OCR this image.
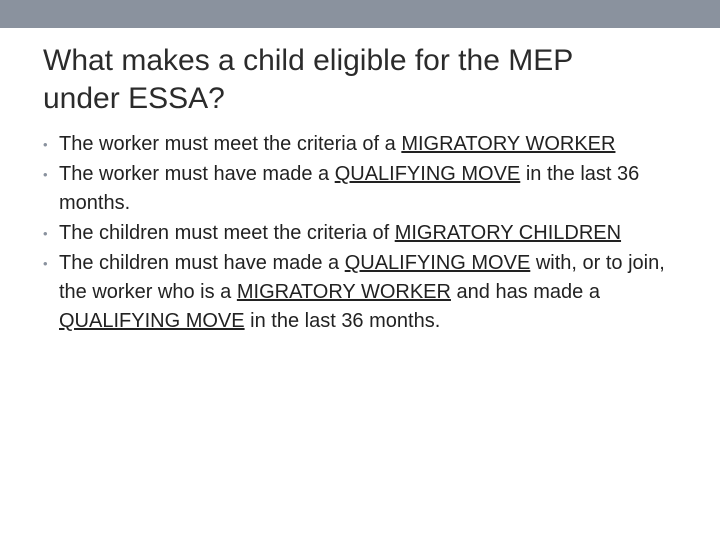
What makes a child eligible for the MEP
under ESSA?
• The worker must meet the criteria of a MIGRATORY WORKER
• The worker must have made a QUALIFYING MOVE in the last 36 months.
• The children must meet the criteria of MIGRATORY CHILDREN
• The children must have made a QUALIFYING MOVE with, or to join, the worker who is a MIGRATORY WORKER and has made a QUALIFYING MOVE in the last 36 months.
